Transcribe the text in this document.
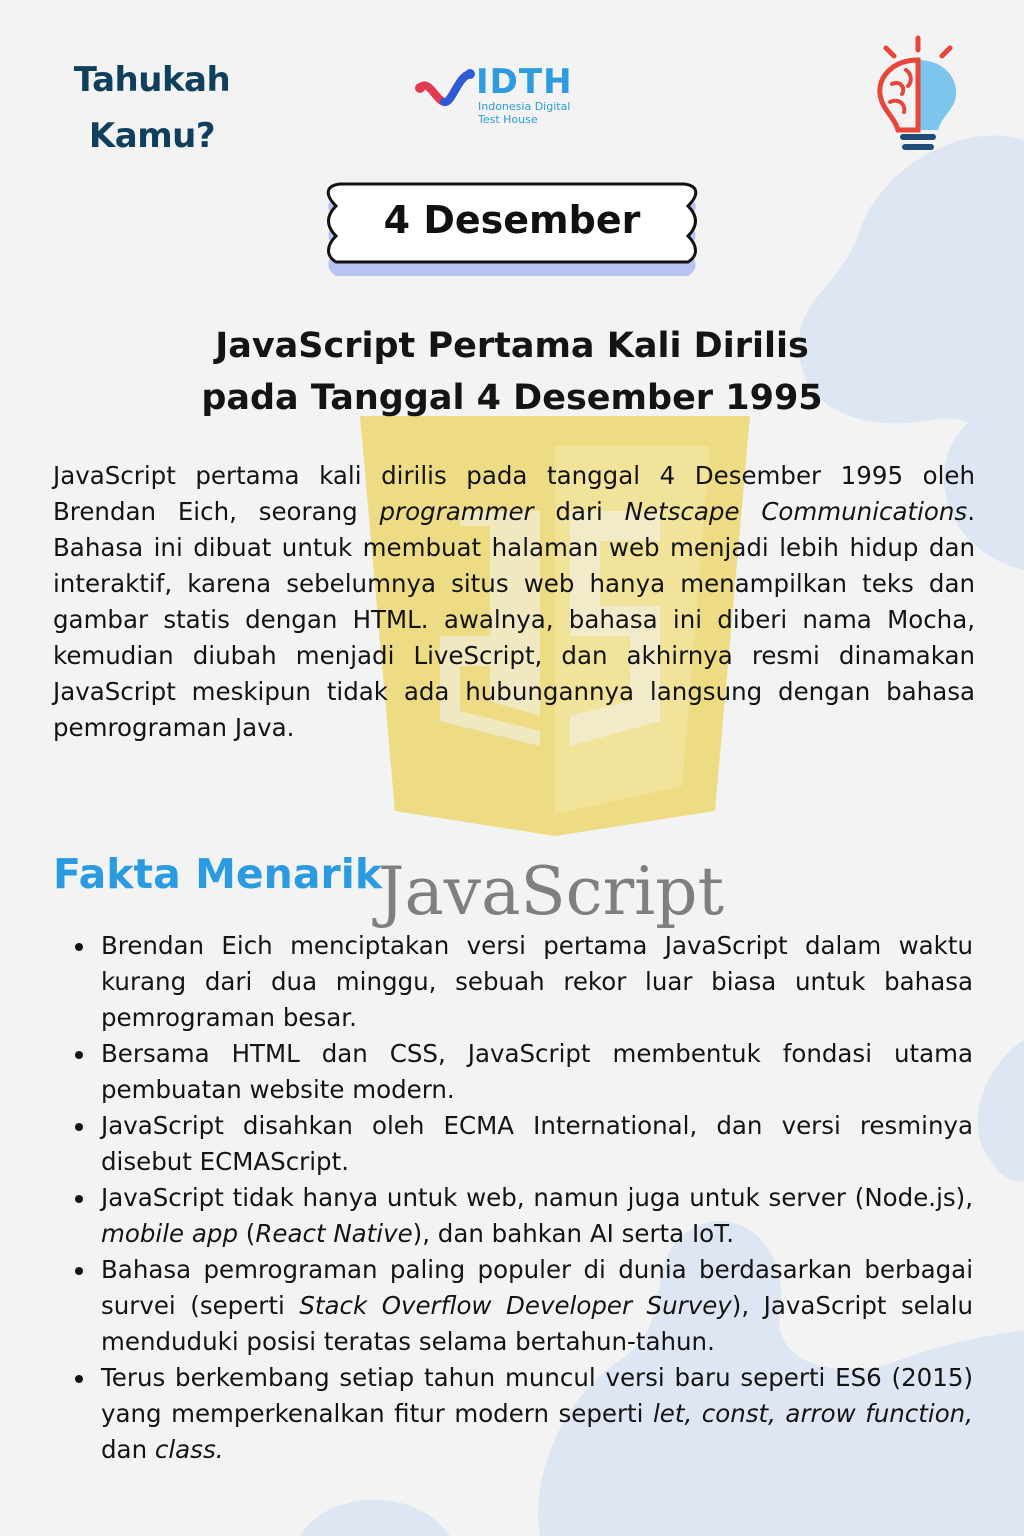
JavaScript
Tahukah
Kamu?
IDTH
Indonesia Digital
Test House
4 Desember
JavaScript Pertama Kali Dirilis
pada Tanggal 4 Desember 1995

JavaScript pertama kali dirilis pada tanggal 4 Desember 1995 oleh Brendan Eich, seorang programmer dari Netscape Communications. Bahasa ini dibuat untuk membuat halaman web menjadi lebih hidup dan interaktif, karena sebelumnya situs web hanya menampilkan teks dan gambar statis dengan HTML. awalnya, bahasa ini diberi nama Mocha, kemudian diubah menjadi LiveScript, dan akhirnya resmi dinamakan JavaScript meskipun tidak ada hubungannya langsung dengan bahasa pemrograman Java.

Fakta Menarik
Brendan Eich menciptakan versi pertama JavaScript dalam waktu kurang dari dua minggu, sebuah rekor luar biasa untuk bahasa pemrograman besar.
Bersama HTML dan CSS, JavaScript membentuk fondasi utama pembuatan website modern.
JavaScript disahkan oleh ECMA International, dan versi resminya disebut ECMAScript.
JavaScript tidak hanya untuk web, namun juga untuk server (Node.js), mobile app (React Native), dan bahkan AI serta IoT.
Bahasa pemrograman paling populer di dunia berdasarkan berbagai survei (seperti Stack Overflow Developer Survey), JavaScript selalu menduduki posisi teratas selama bertahun-tahun.
Terus berkembang setiap tahun muncul versi baru seperti ES6 (2015) yang memperkenalkan fitur modern seperti let, const, arrow function, dan class.
